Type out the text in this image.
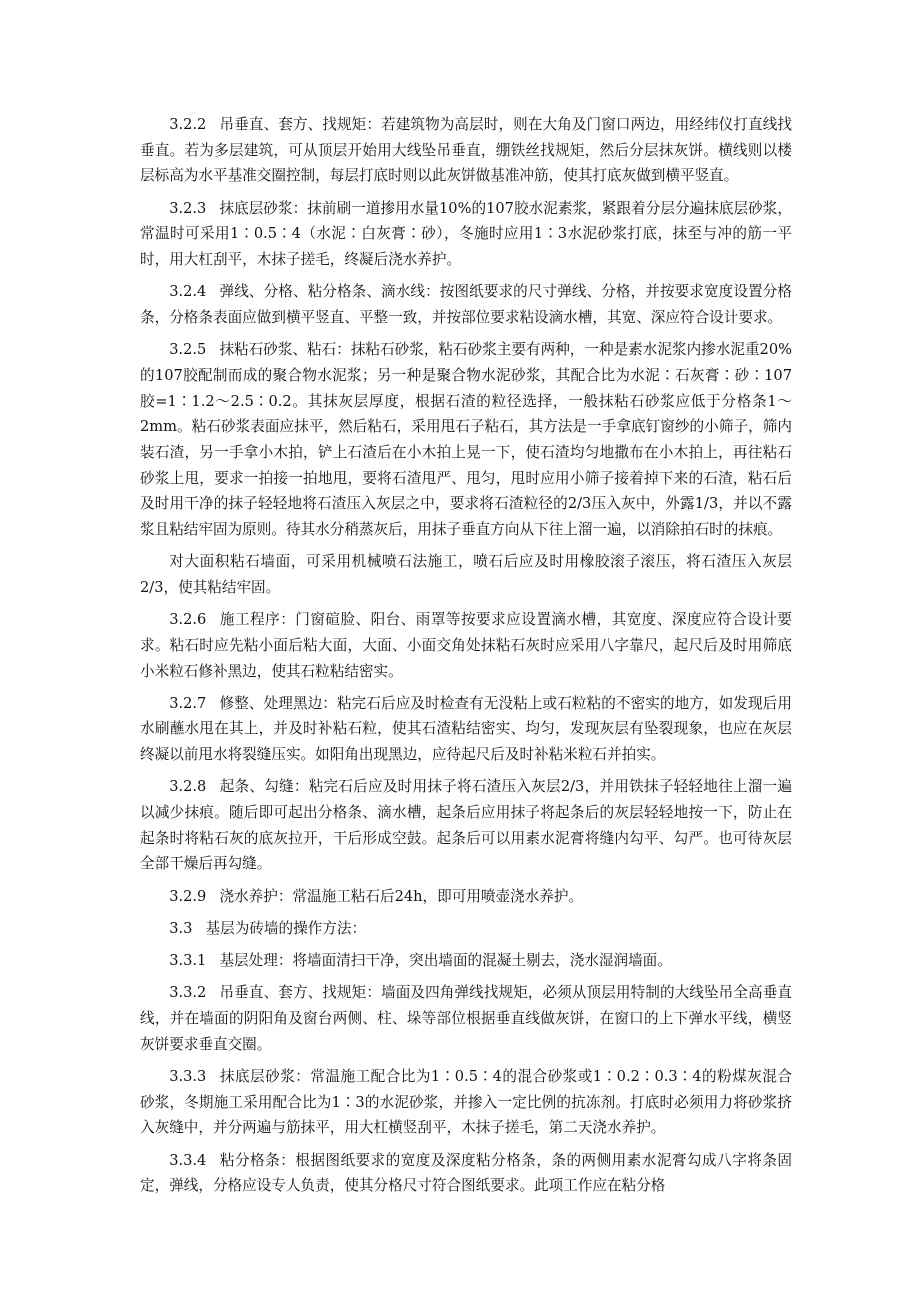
3.2.2 吊垂直、套方、找规矩：若建筑物为高层时，则在大角及门窗口两边，用经纬仪打直线找垂直。若为多层建筑，可从顶层开始用大线坠吊垂直，绷铁丝找规矩，然后分层抹灰饼。横线则以楼层标高为水平基准交圈控制，每层打底时则以此灰饼做基准冲筋，使其打底灰做到横平竖直。

3.2.3 抹底层砂浆：抹前刷一道掺用水量10%的107胶水泥素浆，紧跟着分层分遍抹底层砂浆，常温时可采用1∶0.5∶4（水泥∶白灰膏∶砂），冬施时应用1∶3水泥砂浆打底，抹至与冲的筋一平时，用大杠刮平，木抹子搓毛，终凝后浇水养护。

3.2.4 弹线、分格、粘分格条、滴水线：按图纸要求的尺寸弹线、分格，并按要求宽度设置分格条，分格条表面应做到横平竖直、平整一致，并按部位要求粘设滴水槽，其宽、深应符合设计要求。

3.2.5 抹粘石砂浆、粘石：抹粘石砂浆，粘石砂浆主要有两种，一种是素水泥浆内掺水泥重20%的107胶配制而成的聚合物水泥浆；另一种是聚合物水泥砂浆，其配合比为水泥∶石灰膏∶砂∶107胶=1∶1.2～2.5∶0.2。其抹灰层厚度，根据石渣的粒径选择，一般抹粘石砂浆应低于分格条1～2mm。粘石砂浆表面应抹平，然后粘石，采用甩石子粘石，其方法是一手拿底钉窗纱的小筛子，筛内装石渣，另一手拿小木拍，铲上石渣后在小木拍上晃一下，使石渣均匀地撒布在小木拍上，再往粘石砂浆上甩，要求一拍接一拍地甩，要将石渣甩严、甩匀，甩时应用小筛子接着掉下来的石渣，粘石后及时用干净的抹子轻轻地将石渣压入灰层之中，要求将石渣粒径的2/3压入灰中，外露1/3，并以不露浆且粘结牢固为原则。待其水分稍蒸灰后，用抹子垂直方向从下往上溜一遍，以消除拍石时的抹痕。

对大面积粘石墙面，可采用机械喷石法施工，喷石后应及时用橡胶滚子滚压，将石渣压入灰层2/3，使其粘结牢固。

3.2.6 施工程序：门窗碹脸、阳台、雨罩等按要求应设置滴水槽，其宽度、深度应符合设计要求。粘石时应先粘小面后粘大面，大面、小面交角处抹粘石灰时应采用八字靠尺，起尺后及时用筛底小米粒石修补黑边，使其石粒粘结密实。

3.2.7 修整、处理黑边：粘完石后应及时检查有无没粘上或石粒粘的不密实的地方，如发现后用水刷蘸水甩在其上，并及时补粘石粒，使其石渣粘结密实、均匀，发现灰层有坠裂现象，也应在灰层终凝以前甩水将裂缝压实。如阳角出现黑边，应待起尺后及时补粘米粒石并拍实。

3.2.8 起条、勾缝：粘完石后应及时用抹子将石渣压入灰层2/3，并用铁抹子轻轻地往上溜一遍以减少抹痕。随后即可起出分格条、滴水槽，起条后应用抹子将起条后的灰层轻轻地按一下，防止在起条时将粘石灰的底灰拉开，干后形成空鼓。起条后可以用素水泥膏将缝内勾平、勾严。也可待灰层全部干燥后再勾缝。

3.2.9 浇水养护：常温施工粘石后24h，即可用喷壶浇水养护。

3.3 基层为砖墙的操作方法：

3.3.1 基层处理：将墙面清扫干净，突出墙面的混凝土剔去，浇水湿润墙面。

3.3.2 吊垂直、套方、找规矩：墙面及四角弹线找规矩，必须从顶层用特制的大线坠吊全高垂直线，并在墙面的阴阳角及窗台两侧、柱、垛等部位根据垂直线做灰饼，在窗口的上下弹水平线，横竖灰饼要求垂直交圈。

3.3.3 抹底层砂浆：常温施工配合比为1∶0.5∶4的混合砂浆或1∶0.2∶0.3∶4的粉煤灰混合砂浆，冬期施工采用配合比为1∶3的水泥砂浆，并掺入一定比例的抗冻剂。打底时必须用力将砂浆挤入灰缝中，并分两遍与筋抹平，用大杠横竖刮平，木抹子搓毛，第二天浇水养护。

3.3.4 粘分格条：根据图纸要求的宽度及深度粘分格条，条的两侧用素水泥膏勾成八字将条固定，弹线，分格应设专人负责，使其分格尺寸符合图纸要求。此项工作应在粘分格
